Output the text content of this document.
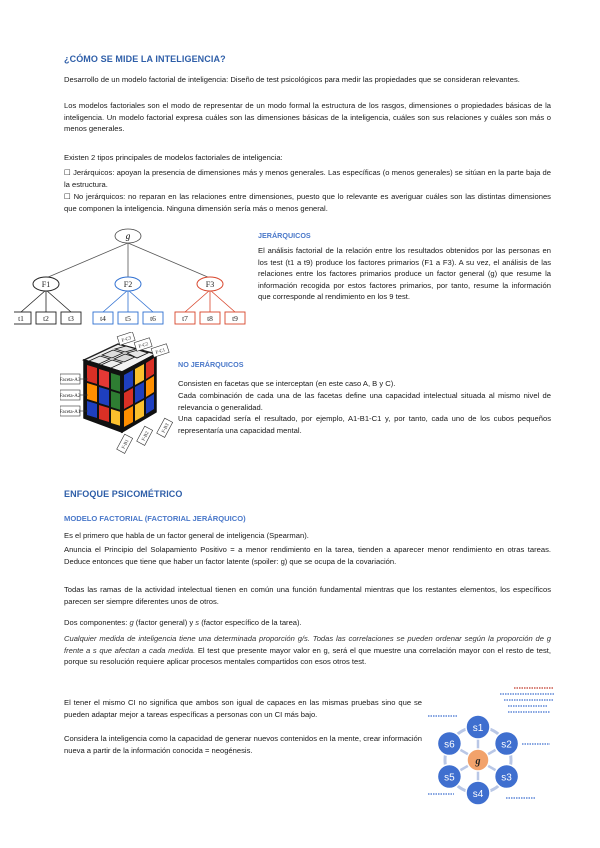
¿CÓMO SE MIDE LA INTELIGENCIA?
Desarrollo de un modelo factorial de inteligencia: Diseño de test psicológicos para medir las propiedades que se consideran relevantes.
Los modelos factoriales son el modo de representar de un modo formal la estructura de los rasgos, dimensiones o propiedades básicas de la inteligencia. Un modelo factorial expresa cuáles son las dimensiones básicas de la inteligencia, cuáles son sus relaciones y cuáles son más o menos generales.
Existen 2 tipos principales de modelos factoriales de inteligencia:
☐ Jerárquicos: apoyan la presencia de dimensiones más y menos generales. Las específicas (o menos generales) se sitúan en la parte baja de la estructura.
☐ No jerárquicos: no reparan en las relaciones entre dimensiones, puesto que lo relevante es averiguar cuáles son las distintas dimensiones que componen la inteligencia. Ninguna dimensión sería más o menos general.
g
t1	t2	t3
F1
t4	t5	t6
F2
t7	t8	t9
F3
JERÁRQUICOS
El análisis factorial de la relación entre los resultados obtenidos por las personas en los test (t1 a t9) produce los factores primarios (F1 a F3). A su vez, el análisis de las relaciones entre los factores primarios produce un factor general (g) que resume la información recogida por estos factores primarios, por tanto, resume la información que corresponde al rendimiento en los 9 test.
Faceta-A3
Faceta-A2
Faceta-A1
F-C3
F-C2
F-C1
F-B1
F-B2
F-B3
NO JERÁRQUICOS
Consisten en facetas que se interceptan (en este caso A, B y C).
Cada combinación de cada una de las facetas define una capacidad intelectual situada al mismo nivel de relevancia o generalidad.
Una capacidad sería el resultado, por ejemplo, A1-B1-C1 y, por tanto, cada uno de los cubos pequeños representaría una capacidad mental.
ENFOQUE PSICOMÉTRICO
MODELO FACTORIAL (FACTORIAL JERÁRQUICO)
Es el primero que habla de un factor general de inteligencia (Spearman).
Anuncia el Principio del Solapamiento Positivo = a menor rendimiento en la tarea, tienden a aparecer menor rendimiento en otras tareas. Deduce entonces que tiene que haber un factor latente (spoiler: g) que se ocupa de la covariación.
Todas las ramas de la actividad intelectual tienen en común una función fundamental mientras que los restantes elementos, los específicos parecen ser siempre diferentes unos de otros.
Dos componentes: g (factor general) y s (factor específico de la tarea).
Cualquier medida de inteligencia tiene una determinada proporción g/s. Todas las correlaciones se pueden ordenar según la proporción de g frente a s que afectan a cada medida. El test que presente mayor valor en g, será el que muestre una correlación mayor con el resto de test, porque su resolución requiere aplicar procesos mentales compartidos con esos otros test.
El tener el mismo CI no significa que ambos son igual de capaces en las mismas pruebas sino que se pueden adaptar mejor a tareas específicas a personas con un CI más bajo.
Considera la inteligencia como la capacidad de generar nuevos contenidos en la mente, crear información nueva a partir de la información conocida = neogénesis.
s1
s2
s3
s4
s5
s6
g
